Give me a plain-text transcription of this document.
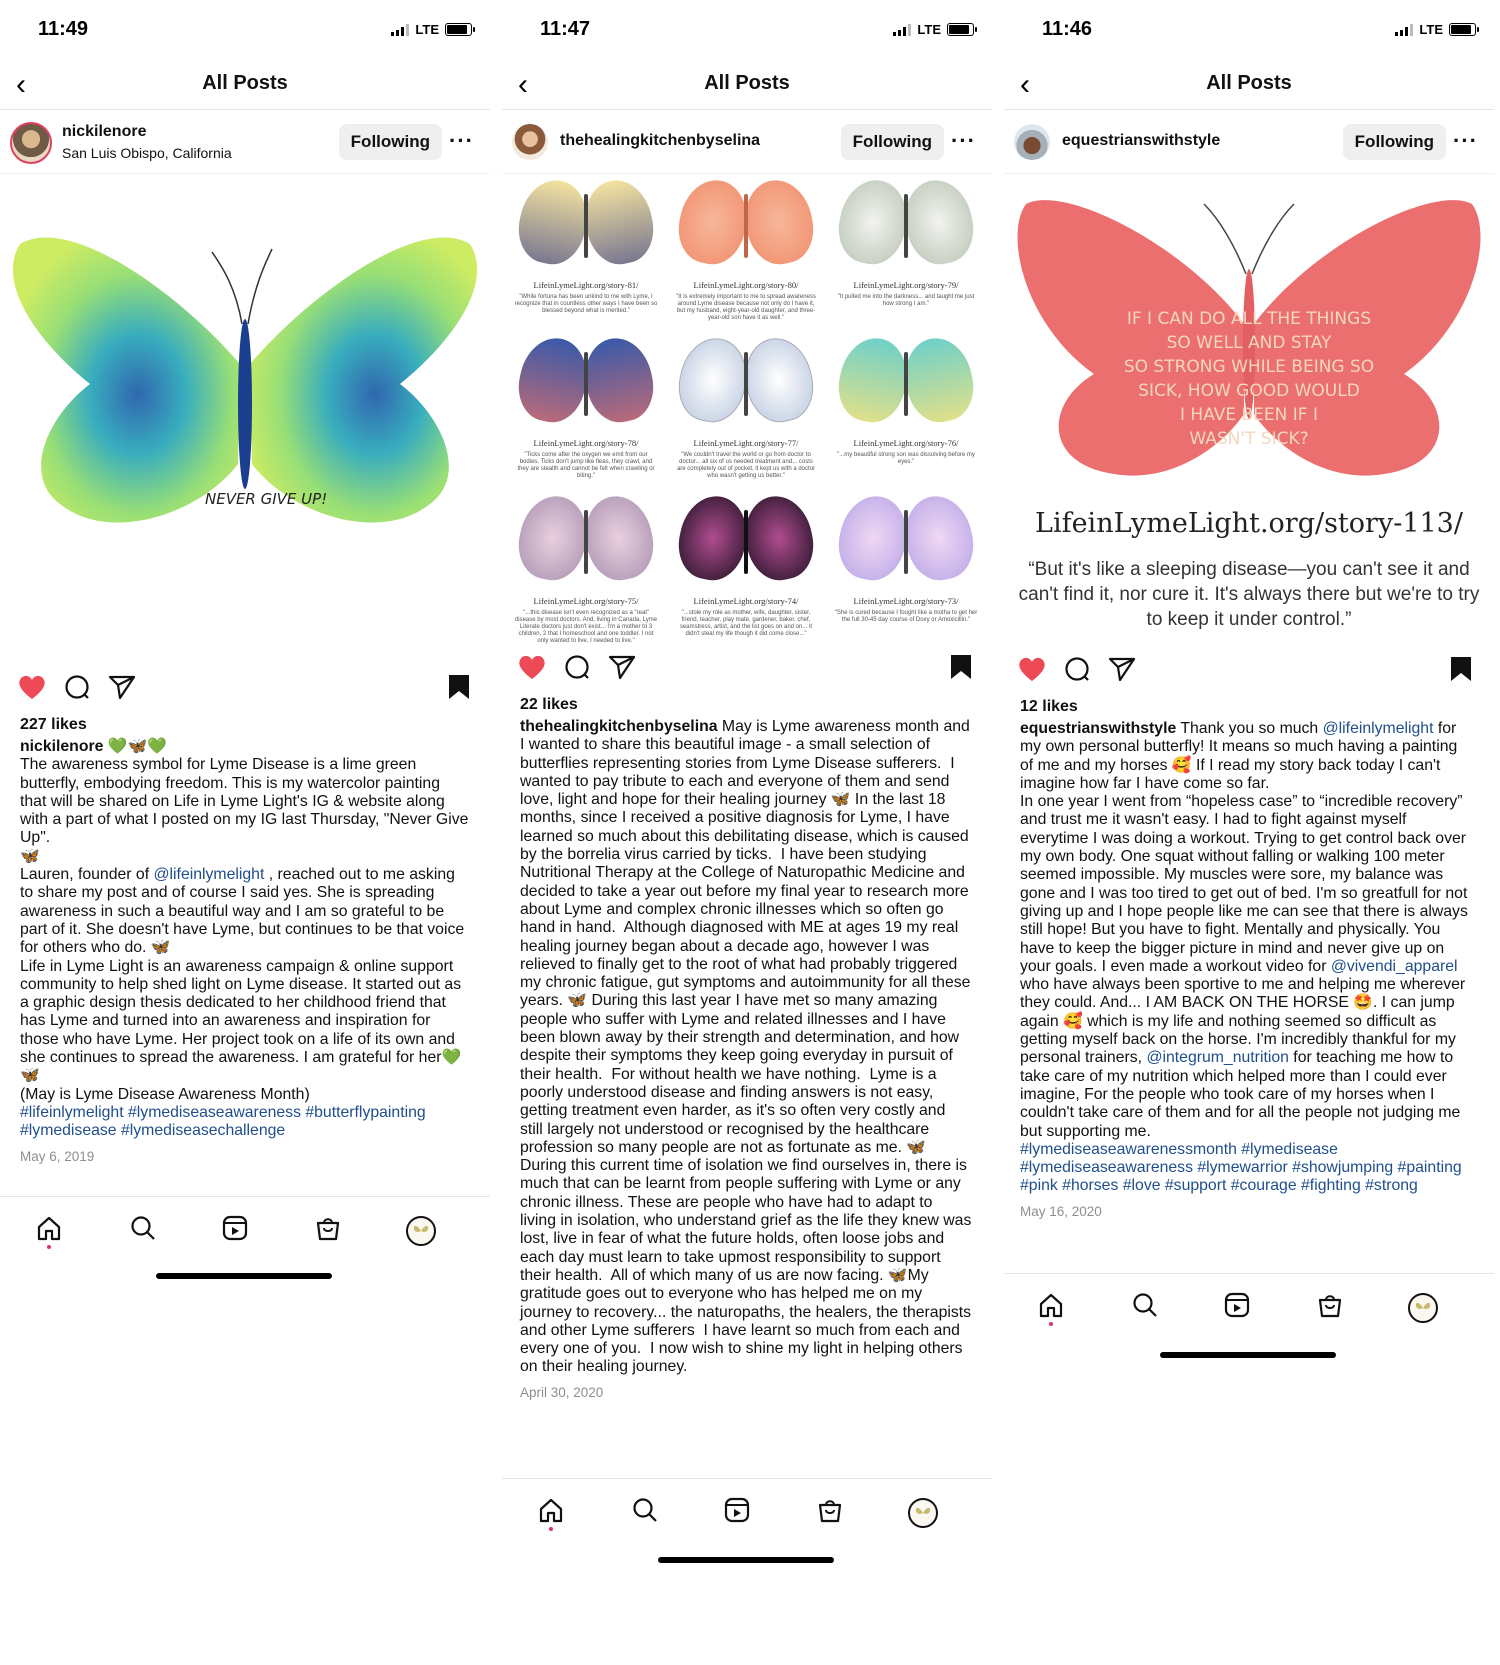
11:49	LTE
‹	All Posts
nickilenore
San Luis Obispo, California
Following ···
NEVER GIVE UP!
227 likes
nickilenore 💚🦋💚
The awareness symbol for Lyme Disease is a lime green butterfly, embodying freedom. This is my watercolor painting that will be shared on Life in Lyme Light's IG & website along with a part of what I posted on my IG last Thursday, "Never Give Up".
🦋
Lauren, founder of @lifeinlymelight , reached out to me asking to share my post and of course I said yes. She is spreading awareness in such a beautiful way and I am so grateful to be part of it. She doesn't have Lyme, but continues to be that voice for others who do. 🦋
Life in Lyme Light is an awareness campaign & online support community to help shed light on Lyme disease. It started out as a graphic design thesis dedicated to her childhood friend that has Lyme and turned into an awareness and inspiration for those who have Lyme. Her project took on a life of its own and she continues to spread the awareness. I am grateful for her💚
🦋
(May is Lyme Disease Awareness Month)
#lifeinlymelight #lymediseaseawareness #butterflypainting #lymedisease #lymediseasechallenge
May 6, 2019
11:47	LTE
‹	All Posts
thehealingkitchenbyselina	Following ···
LifeinLymeLight.org/story-81/
"While fortuna has been unkind to me with Lyme, I recognize that in countless other ways I have been so blessed beyond what is merited."
LifeinLymeLight.org/story-80/
"It is extremely important to me to spread awareness around Lyme disease because not only do I have it, but my husband, eight-year-old daughter, and three-year-old son have it as well."
LifeinLymeLight.org/story-79/
"It pulled me into the darkness... and taught me just how strong I am."
LifeinLymeLight.org/story-78/
"Ticks come after the oxygen we emit from our bodies. Ticks don't jump like fleas, they crawl, and they are stealth and cannot be felt when crawling or biting."
LifeinLymeLight.org/story-77/
"We couldn't travel the world or go from doctor to doctor... all six of us needed treatment and... costs are completely out of pocket, it kept us with a doctor who wasn't getting us better."
LifeinLymeLight.org/story-76/
"...my beautiful strong son was dissolving before my eyes."
LifeinLymeLight.org/story-75/
"...this disease isn't even recognized as a "real" disease by most doctors. And, living in Canada, Lyme Literate doctors just don't exist... I'm a mother to 3 children, 2 that I homeschool and one toddler. I not only wanted to live, I needed to live."
LifeinLymeLight.org/story-74/
"...stole my role as mother, wife, daughter, sister, friend, teacher, play mate, gardener, baker, chef, seamstress, artist, and the list goes on and on... it didn't steal my life though it did come close..."
LifeinLymeLight.org/story-73/
"She is cured because I fought like a motha to get her the full 30-45 day course of Doxy or Amoxicillin."
22 likes
thehealingkitchenbyselina May is Lyme awareness month and I wanted to share this beautiful image - a small selection of butterflies representing stories from Lyme Disease sufferers.  I wanted to pay tribute to each and everyone of them and send love, light and hope for their healing journey 🦋 In the last 18 months, since I received a positive diagnosis for Lyme, I have learned so much about this debilitating disease, which is caused by the borrelia virus carried by ticks.  I have been studying Nutritional Therapy at the College of Naturopathic Medicine and decided to take a year out before my final year to research more about Lyme and complex chronic illnesses which so often go hand in hand.  Although diagnosed with ME at ages 19 my real healing journey began about a decade ago, however I was relieved to finally get to the root of what had probably triggered my chronic fatigue, gut symptoms and autoimmunity for all these years. 🦋 During this last year I have met so many amazing people who suffer with Lyme and related illnesses and I have been blown away by their strength and determination, and how despite their symptoms they keep going everyday in pursuit of their health.  For without health we have nothing.  Lyme is a poorly understood disease and finding answers is not easy, getting treatment even harder, as it's so often very costly and still largely not understood or recognised by the healthcare profession so many people are not as fortunate as me. 🦋 During this current time of isolation we find ourselves in, there is much that can be learnt from people suffering with Lyme or any chronic illness. These are people who have had to adapt to living in isolation, who understand grief as the life they knew was lost, live in fear of what the future holds, often loose jobs and each day must learn to take upmost responsibility to support their health.  All of which many of us are now facing. 🦋My gratitude goes out to everyone who has helped me on my journey to recovery... the naturopaths, the healers, the therapists and other Lyme sufferers  I have learnt so much from each and every one of you.  I now wish to shine my light in helping others on their healing journey.
April 30, 2020
11:46	LTE
‹	All Posts
equestrianswithstyle	Following ···
IF I CAN DO ALL THE THINGS
SO WELL AND STAY
SO STRONG WHILE BEING SO
SICK, HOW GOOD WOULD
I HAVE BEEN IF I
WASN'T SICK?
LifeinLymeLight.org/story-113/
“But it's like a sleeping disease—you can't see it and can't find it, nor cure it. It's always there but we're to try to keep it under control.”
12 likes
equestrianswithstyle Thank you so much @lifeinlymelight for my own personal butterfly! It means so much having a painting of me and my horses 🥰 If I read my story back today I can't imagine how far I have come so far.
In one year I went from “hopeless case” to “incredible recovery” and trust me it wasn't easy. I had to fight against myself everytime I was doing a workout. Trying to get control back over my own body. One squat without falling or walking 100 meter seemed impossible. My muscles were sore, my balance was gone and I was too tired to get out of bed. I'm so greatfull for not giving up and I hope people like me can see that there is always still hope! But you have to fight. Mentally and physically. You have to keep the bigger picture in mind and never give up on your goals. I even made a workout video for @vivendi_apparel who have always been sportive to me and helping me wherever they could. And... I AM BACK ON THE HORSE 🤩. I can jump again 🥰 which is my life and nothing seemed so difficult as getting myself back on the horse. I'm incredibly thankful for my personal trainers, @integrum_nutrition for teaching me how to take care of my nutrition which helped more than I could ever imagine, For the people who took care of my horses when I couldn't take care of them and for all the people not judging me but supporting me.
#lymediseaseawarenessmonth #lymedisease #lymediseaseawareness #lymewarrior #showjumping #painting #pink #horses #love #support #courage #fighting #strong
May 16, 2020
